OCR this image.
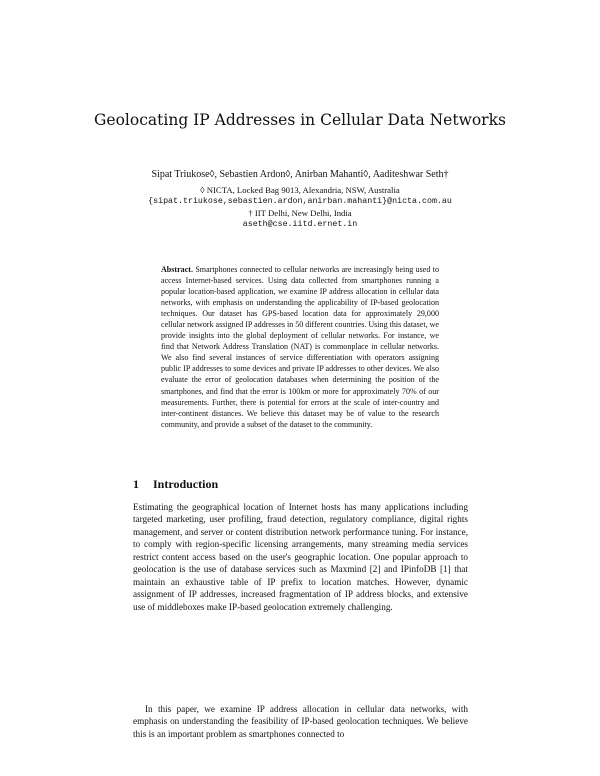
Geolocating IP Addresses in Cellular Data Networks
Sipat Triukose◊, Sebastien Ardon◊, Anirban Mahanti◊, Aaditeshwar Seth†
◊ NICTA, Locked Bag 9013, Alexandria, NSW, Australia
{sipat.triukose,sebastien.ardon,anirban.mahanti}@nicta.com.au
† IIT Delhi, New Delhi, India
aseth@cse.iitd.ernet.in
Abstract. Smartphones connected to cellular networks are increasingly being used to access Internet-based services. Using data collected from smartphones running a popular location-based application, we examine IP address allocation in cellular data networks, with emphasis on understanding the applicability of IP-based geolocation techniques. Our dataset has GPS-based location data for approximately 29,000 cellular network assigned IP addresses in 50 different countries. Using this dataset, we provide insights into the global deployment of cellular networks. For instance, we find that Network Address Translation (NAT) is commonplace in cellular networks. We also find several instances of service differentiation with operators assigning public IP addresses to some devices and private IP addresses to other devices. We also evaluate the error of geolocation databases when determining the position of the smartphones, and find that the error is 100km or more for approximately 70% of our measurements. Further, there is potential for errors at the scale of inter-country and inter-continent distances. We believe this dataset may be of value to the research community, and provide a subset of the dataset to the community.
1 Introduction

Estimating the geographical location of Internet hosts has many applications including targeted marketing, user profiling, fraud detection, regulatory compliance, digital rights management, and server or content distribution network performance tuning. For instance, to comply with region-specific licensing arrangements, many streaming media services restrict content access based on the user's geographic location. One popular approach to geolocation is the use of database services such as Maxmind [2] and IPinfoDB [1] that maintain an exhaustive table of IP prefix to location matches. However, dynamic assignment of IP addresses, increased fragmentation of IP address blocks, and extensive use of middleboxes make IP-based geolocation extremely challenging.

In this paper, we examine IP address allocation in cellular data networks, with emphasis on understanding the feasibility of IP-based geolocation techniques. We believe this is an important problem as smartphones connected to
